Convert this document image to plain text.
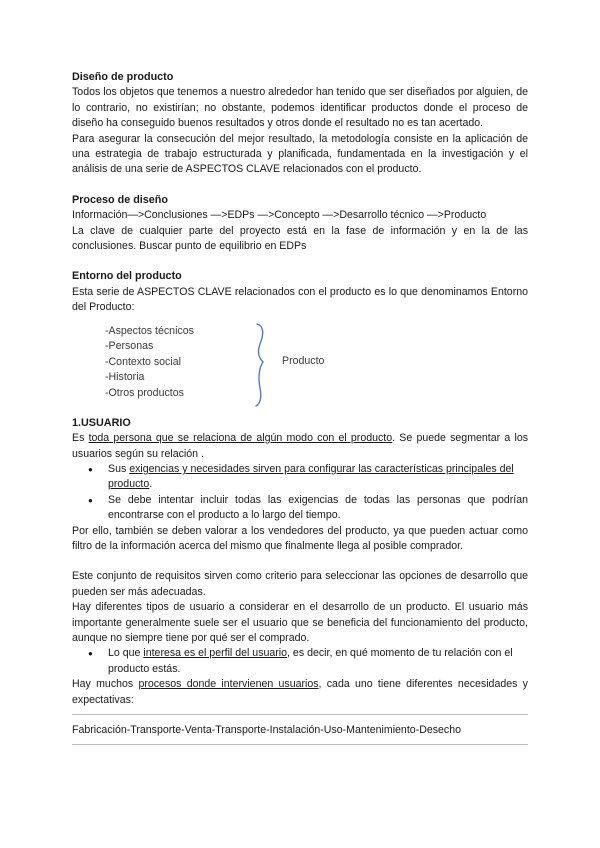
Diseño de producto

Todos los objetos que tenemos a nuestro alrededor han tenido que ser diseñados por alguien, de lo contrario, no existirían; no obstante, podemos identificar productos donde el proceso de diseño ha conseguido buenos resultados y otros donde el resultado no es tan acertado.

Para asegurar la consecución del mejor resultado, la metodología consiste en la aplicación de una estrategia de trabajo estructurada y planificada, fundamentada en la investigación y el análisis de una serie de ASPECTOS CLAVE relacionados con el producto.

Proceso de diseño

Información—>Conclusiones —>EDPs —>Concepto —>Desarrollo técnico —>Producto

La clave de cualquier parte del proyecto está en la fase de información y en la de las conclusiones. Buscar punto de equilibrio en EDPs

Entorno del producto

Esta serie de ASPECTOS CLAVE relacionados con el producto es lo que denominamos Entorno del Producto:

-Aspectos técnicos
-Personas
-Contexto social
-Historia
-Otros productos
Producto
1.USUARIO

Es toda persona que se relaciona de algún modo con el producto. Se puede segmentar a los usuarios según su relación .

● Sus exigencias y necesidades sirven para configurar las características principales del producto.
● Se debe intentar incluir todas las exigencias de todas las personas que podrían encontrarse con el producto a lo largo del tiempo.

Por ello, también se deben valorar a los vendedores del producto, ya que pueden actuar como filtro de la información acerca del mismo que finalmente llega al posible comprador.

Este conjunto de requisitos sirven como criterio para seleccionar las opciones de desarrollo que pueden ser más adecuadas.

Hay diferentes tipos de usuario a considerar en el desarrollo de un producto. El usuario más importante generalmente suele ser el usuario que se beneficia del funcionamiento del producto, aunque no siempre tiene por qué ser el comprado.

● Lo que interesa es el perfil del usuario, es decir, en qué momento de tu relación con el producto estás.

Hay muchos procesos donde intervienen usuarios, cada uno tiene diferentes necesidades y expectativas:

Fabricación-Transporte-Venta-Transporte-Instalación-Uso-Mantenimiento-Desecho
